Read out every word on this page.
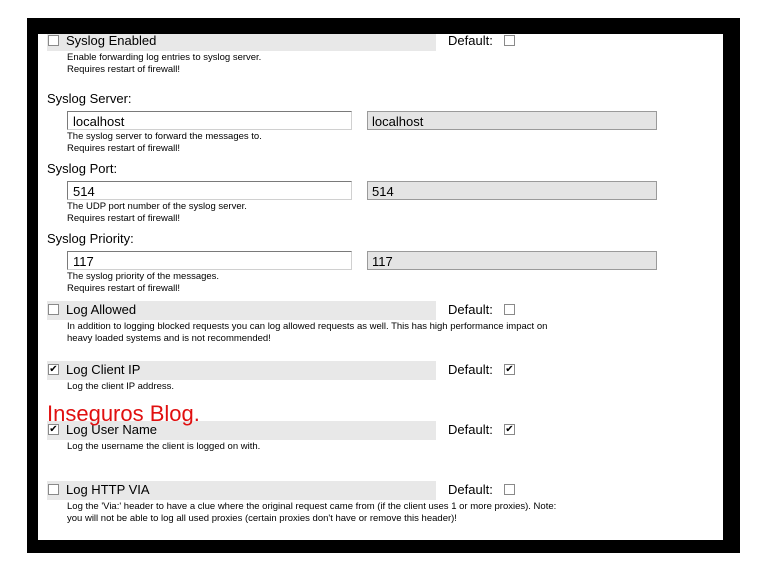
Syslog Enabled	Default:
Enable forwarding log entries to syslog server.
Requires restart of firewall!
Syslog Server:
localhost
localhost
The syslog server to forward the messages to.
Requires restart of firewall!
Syslog Port:
514
514
The UDP port number of the syslog server.
Requires restart of firewall!
Syslog Priority:
117
117
The syslog priority of the messages.
Requires restart of firewall!
Log Allowed	Default:
In addition to logging blocked requests you can log allowed requests as well. This has high performance impact on
heavy loaded systems and is not recommended!
✔ Log Client IP	Default: ✔
Log the client IP address.
✔ Log User Name	Default: ✔
Log the username the client is logged on with.
Inseguros Blog.
Log HTTP VIA	Default:
Log the 'Via:' header to have a clue where the original request came from (if the client uses 1 or more proxies). Note:
you will not be able to log all used proxies (certain proxies don't have or remove this header)!
